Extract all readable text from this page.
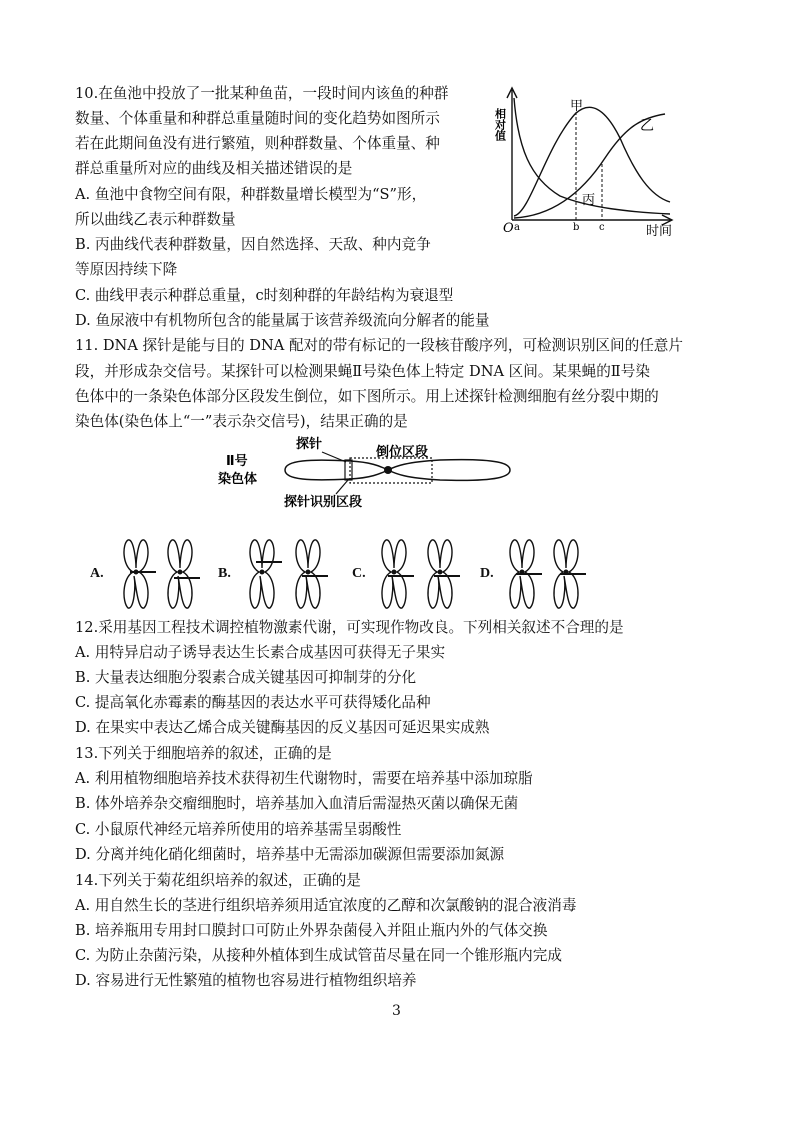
10.在鱼池中投放了一批某种鱼苗，一段时间内该鱼的种群
数量、个体重量和种群总重量随时间的变化趋势如图所示
若在此期间鱼没有进行繁殖，则种群数量、个体重量、种
群总重量所对应的曲线及相关描述错误的是
A. 鱼池中食物空间有限，种群数量增长模型为“S”形，
所以曲线乙表示种群数量
B. 丙曲线代表种群数量，因自然选择、天敌、种内竞争
等原因持续下降
C. 曲线甲表示种群总重量，c时刻种群的年龄结构为衰退型
D. 鱼尿液中有机物所包含的能量属于该营养级流向分解者的能量
相对值
O a	b c	时间
甲
乙
丙
11. DNA 探针是能与目的 DNA 配对的带有标记的一段核苷酸序列，可检测识别区间的任意片
段，并形成杂交信号。某探针可以检测果蝇Ⅱ号染色体上特定 DNA 区间。某果蝇的Ⅱ号染
色体中的一条染色体部分区段发生倒位，如下图所示。用上述探针检测细胞有丝分裂中期的
染色体(染色体上“一”表示杂交信号)，结果正确的是
Ⅱ号
染色体
探针
倒位区段
探针识别区段
A.	B.	C.	D.
12.采用基因工程技术调控植物激素代谢，可实现作物改良。下列相关叙述不合理的是
A. 用特异启动子诱导表达生长素合成基因可获得无子果实
B. 大量表达细胞分裂素合成关键基因可抑制芽的分化
C. 提高氧化赤霉素的酶基因的表达水平可获得矮化品种
D. 在果实中表达乙烯合成关键酶基因的反义基因可延迟果实成熟
13.下列关于细胞培养的叙述，正确的是
A. 利用植物细胞培养技术获得初生代谢物时，需要在培养基中添加琼脂
B. 体外培养杂交瘤细胞时，培养基加入血清后需湿热灭菌以确保无菌
C. 小鼠原代神经元培养所使用的培养基需呈弱酸性
D. 分离并纯化硝化细菌时，培养基中无需添加碳源但需要添加氮源
14.下列关于菊花组织培养的叙述，正确的是
A. 用自然生长的茎进行组织培养须用适宜浓度的乙醇和次氯酸钠的混合液消毒
B. 培养瓶用专用封口膜封口可防止外界杂菌侵入并阻止瓶内外的气体交换
C. 为防止杂菌污染，从接种外植体到生成试管苗尽量在同一个锥形瓶内完成
D. 容易进行无性繁殖的植物也容易进行植物组织培养
3
